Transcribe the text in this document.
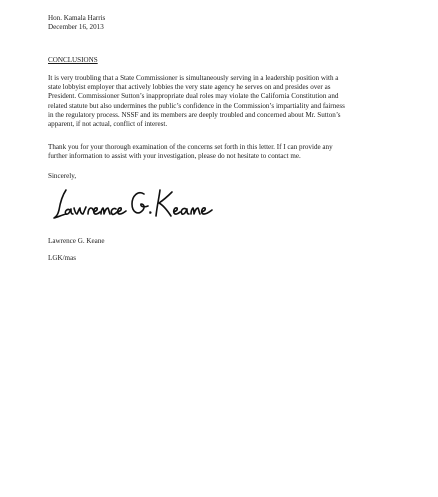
Hon. Kamala Harris
December 16, 2013
CONCLUSIONS
It is very troubling that a State Commissioner is simultaneously serving in a leadership position with a
state lobbyist employer that actively lobbies the very state agency he serves on and presides over as
President. Commissioner Sutton’s inappropriate dual roles may violate the California Constitution and
related statute but also undermines the public’s confidence in the Commission’s impartiality and fairness
in the regulatory process. NSSF and its members are deeply troubled and concerned about Mr. Sutton’s
apparent, if not actual, conflict of interest.
Thank you for your thorough examination of the concerns set forth in this letter. If I can provide any
further information to assist with your investigation, please do not hesitate to contact me.
Sincerely,
Lawrence G. Keane
LGK/mas
